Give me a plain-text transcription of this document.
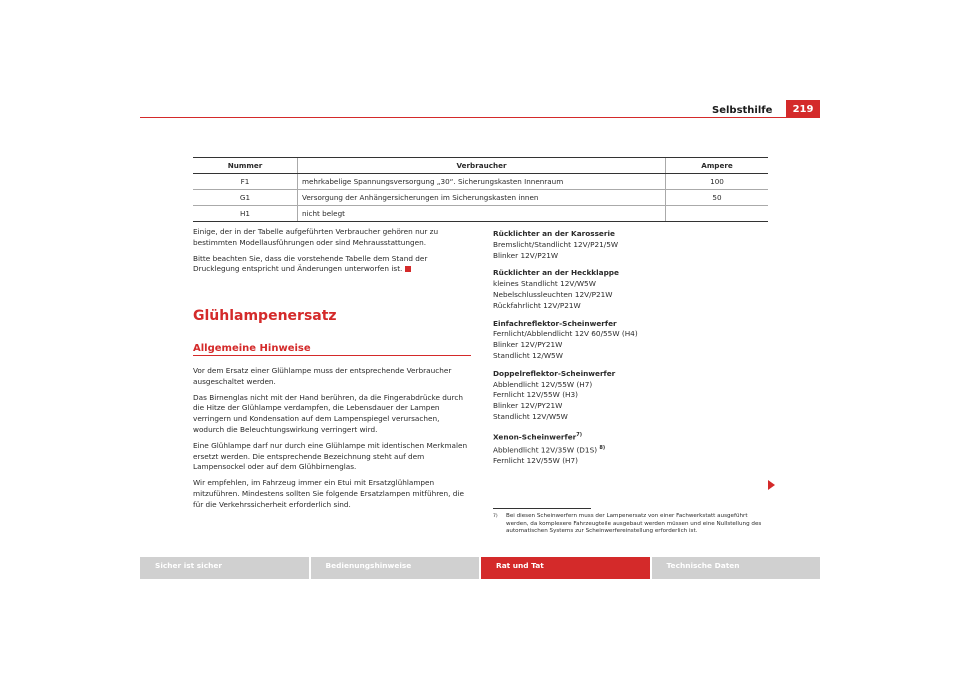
Selbsthilfe	219
Nummer	Verbraucher	Ampere
F1	mehrkabelige Spannungsversorgung „30“. Sicherungskasten Innenraum	100
G1	Versorgung der Anhängersicherungen im Sicherungskasten innen	50
H1	nicht belegt	

Einige, der in der Tabelle aufgeführten Verbraucher gehören nur zu bestimmten Modellausführungen oder sind Mehrausstattungen.

Bitte beachten Sie, dass die vorstehende Tabelle dem Stand der Drucklegung entspricht und Änderungen unterworfen ist.

Glühlampenersatz
Allgemeine Hinweise

Vor dem Ersatz einer Glühlampe muss der entsprechende Verbraucher ausgeschaltet werden.

Das Birnenglas nicht mit der Hand berühren, da die Fingerabdrücke durch die Hitze der Glühlampe verdampfen, die Lebensdauer der Lampen verringern und Kondensation auf dem Lampenspiegel verursachen, wodurch die Beleuchtungswirkung verringert wird.

Eine Glühlampe darf nur durch eine Glühlampe mit identischen Merkmalen ersetzt werden. Die entsprechende Bezeichnung steht auf dem Lampensockel oder auf dem Glühbirnenglas.

Wir empfehlen, im Fahrzeug immer ein Etui mit Ersatzglühlampen mitzuführen. Mindestens sollten Sie folgende Ersatzlampen mitführen, die für die Verkehrssicherheit erforderlich sind.

Rücklichter an der Karosserie
Bremslicht/Standlicht 12V/P21/5W
Blinker 12V/P21W
Rücklichter an der Heckklappe
kleines Standlicht 12V/W5W
Nebelschlussleuchten 12V/P21W
Rückfahrlicht 12V/P21W
Einfachreflektor-Scheinwerfer
Fernlicht/Abblendlicht 12V 60/55W (H4)
Blinker 12V/PY21W
Standlicht 12/W5W
Doppelreflektor-Scheinwerfer
Abblendlicht 12V/55W (H7)
Fernlicht 12V/55W (H3)
Blinker 12V/PY21W
Standlicht 12V/W5W
Xenon-Scheinwerfer$^{7)}$
Abblendlicht 12V/35W (D1S) $^{8)}$
Fernlicht 12V/55W (H7)
7) Bei diesen Scheinwerfern muss der Lampenersatz von einer Fachwerkstatt ausgeführt werden, da komplexere Fahrzeugteile ausgebaut werden müssen und eine Nullstellung des automatischen Systems zur Scheinwerfereinstellung erforderlich ist.
Sicher ist sicher	Bedienungshinweise	Rat und Tat	Technische Daten
